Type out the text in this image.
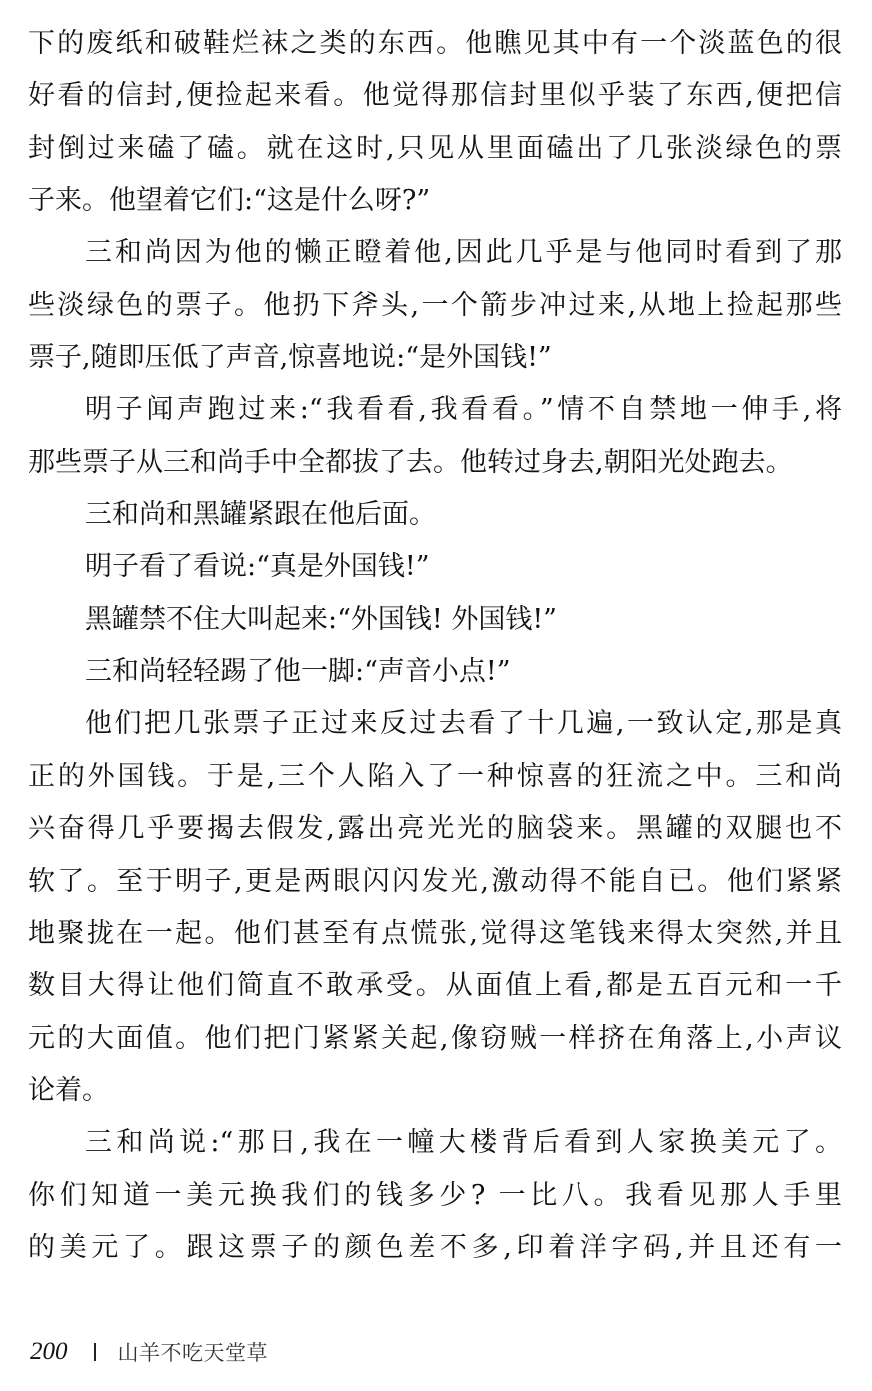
下的废纸和破鞋烂袜之类的东西。他瞧见其中有一个淡蓝色的很
好看的信封,便捡起来看。他觉得那信封里似乎装了东西,便把信
封倒过来磕了磕。就在这时,只见从里面磕出了几张淡绿色的票
子来。他望着它们:“这是什么呀?”
三和尚因为他的懒正瞪着他,因此几乎是与他同时看到了那
些淡绿色的票子。他扔下斧头,一个箭步冲过来,从地上捡起那些
票子,随即压低了声音,惊喜地说:“是外国钱!”
明子闻声跑过来:“我看看,我看看。”情不自禁地一伸手,将
那些票子从三和尚手中全都拔了去。他转过身去,朝阳光处跑去。
三和尚和黑罐紧跟在他后面。
明子看了看说:“真是外国钱!”
黑罐禁不住大叫起来:“外国钱! 外国钱!”
三和尚轻轻踢了他一脚:“声音小点!”
他们把几张票子正过来反过去看了十几遍,一致认定,那是真
正的外国钱。于是,三个人陷入了一种惊喜的狂流之中。三和尚
兴奋得几乎要揭去假发,露出亮光光的脑袋来。黑罐的双腿也不
软了。至于明子,更是两眼闪闪发光,激动得不能自已。他们紧紧
地聚拢在一起。他们甚至有点慌张,觉得这笔钱来得太突然,并且
数目大得让他们简直不敢承受。从面值上看,都是五百元和一千
元的大面值。他们把门紧紧关起,像窃贼一样挤在角落上,小声议
论着。
三和尚说:“那日,我在一幢大楼背后看到人家换美元了。
你们知道一美元换我们的钱多少? 一比八。我看见那人手里
的美元了。跟这票子的颜色差不多,印着洋字码,并且还有一
200 山羊不吃天堂草
